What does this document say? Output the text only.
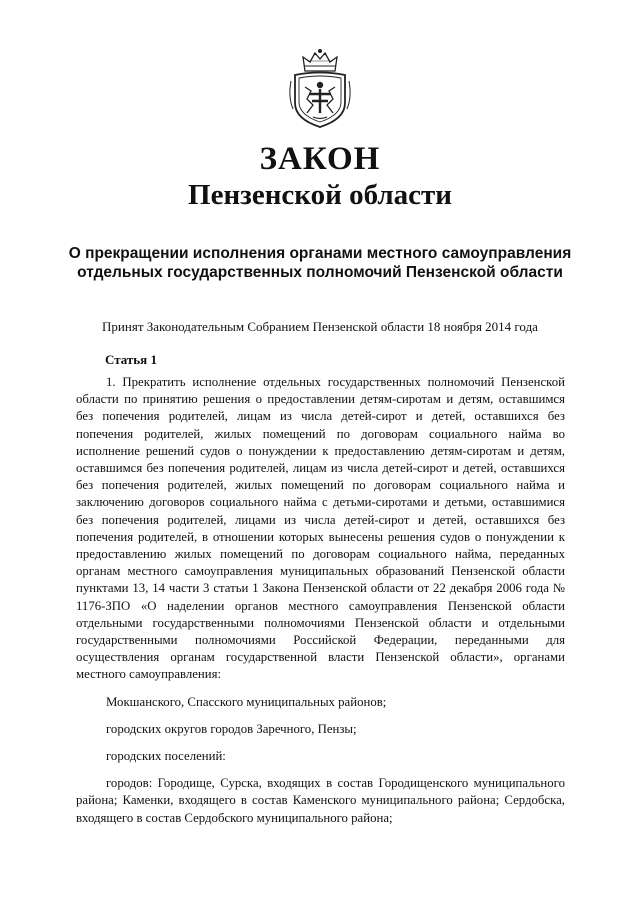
ЗАКОН
Пензенской области
О прекращении исполнения органами местного самоуправления отдельных государственных полномочий Пензенской области
Принят Законодательным Собранием Пензенской области 18 ноября 2014 года
Статья 1

1. Прекратить исполнение отдельных государственных полномочий Пензенской области по принятию решения о предоставлении детям-сиротам и детям, оставшимся без попечения родителей, лицам из числа детей-сирот и детей, оставшихся без попечения родителей, жилых помещений по договорам социального найма во исполнение решений судов о понуждении к предоставлению детям-сиротам и детям, оставшимся без попечения родителей, лицам из числа детей-сирот и детей, оставшихся без попечения родителей, жилых помещений по договорам социального найма и заключению договоров социального найма с детьми-сиротами и детьми, оставшимися без попечения родителей, лицами из числа детей-сирот и детей, оставшихся без попечения родителей, в отношении которых вынесены решения судов о понуждении к предоставлению жилых помещений по договорам социального найма, переданных органам местного самоуправления муниципальных образований Пензенской области пунктами 13, 14 части 3 статьи 1 Закона Пензенской области от 22 декабря 2006 года № 1176-ЗПО «О наделении органов местного самоуправления Пензенской области отдельными государственными полномочиями Пензенской области и отдельными государственными полномочиями Российской Федерации, переданными для осуществления органам государственной власти Пензенской области», органами местного самоуправления:

Мокшанского, Спасского муниципальных районов;

городских округов городов Заречного, Пензы;

городских поселений:

городов: Городище, Сурска, входящих в состав Городищенского муниципального района; Каменки, входящего в состав Каменского муниципального района; Сердобска, входящего в состав Сердобского муниципального района;
